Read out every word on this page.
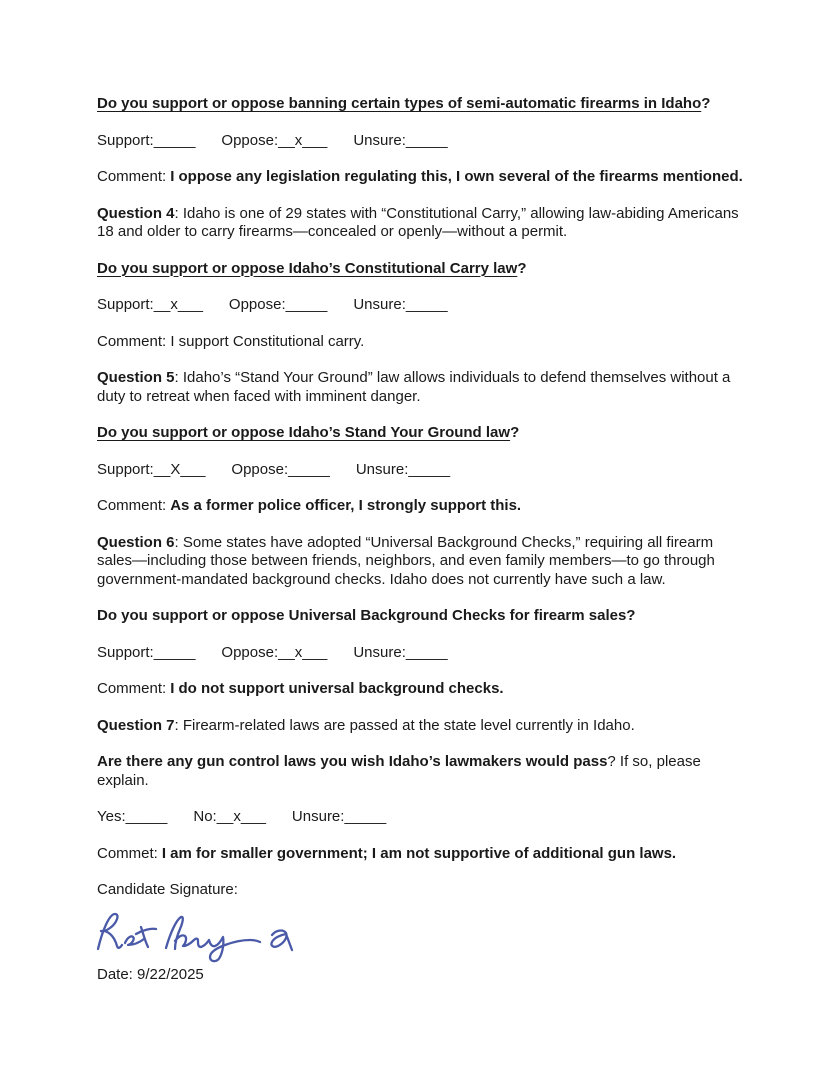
Do you support or oppose banning certain types of semi-automatic firearms in Idaho?

Support:_____ Oppose:__x___ Unsure:_____

Comment: I oppose any legislation regulating this, I own several of the firearms mentioned.

Question 4: Idaho is one of 29 states with “Constitutional Carry,” allowing law-abiding Americans 18 and older to carry firearms—concealed or openly—without a permit.

Do you support or oppose Idaho’s Constitutional Carry law?

Support:__x___ Oppose:_____ Unsure:_____

Comment: I support Constitutional carry.

Question 5: Idaho’s “Stand Your Ground” law allows individuals to defend themselves without a duty to retreat when faced with imminent danger.

Do you support or oppose Idaho’s Stand Your Ground law?

Support:__X___ Oppose:_____ Unsure:_____

Comment: As a former police officer, I strongly support this.

Question 6: Some states have adopted “Universal Background Checks,” requiring all firearm sales—including those between friends, neighbors, and even family members—to go through government-mandated background checks. Idaho does not currently have such a law.

Do you support or oppose Universal Background Checks for firearm sales?

Support:_____ Oppose:__x___ Unsure:_____

Comment: I do not support universal background checks.

Question 7: Firearm-related laws are passed at the state level currently in Idaho.

Are there any gun control laws you wish Idaho’s lawmakers would pass? If so, please explain.

Yes:_____ No:__x___ Unsure:_____

Commet: I am for smaller government; I am not supportive of additional gun laws.

Candidate Signature:

Date: 9/22/2025
